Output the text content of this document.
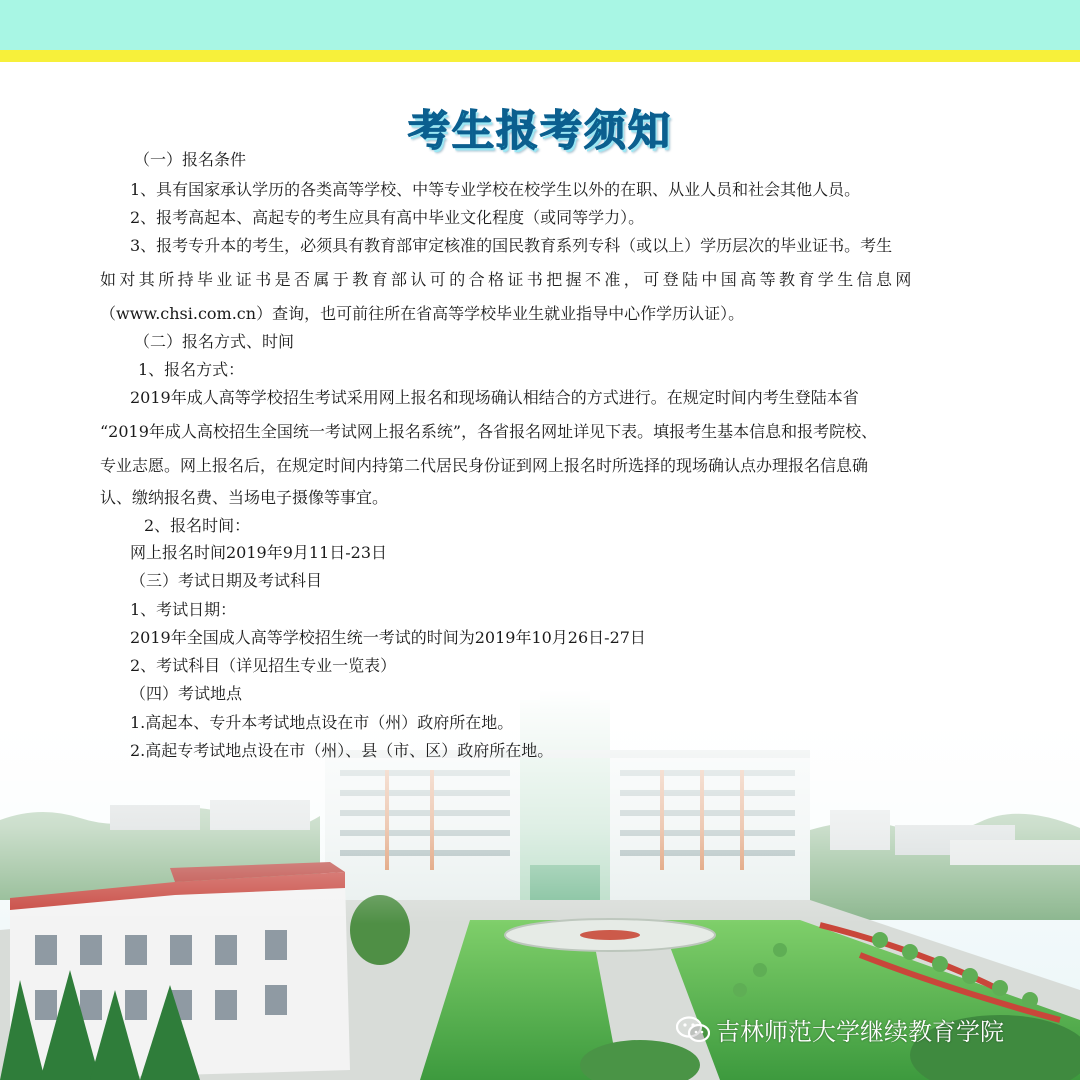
考生报考须知
（一）报名条件
1、具有国家承认学历的各类高等学校、中等专业学校在校学生以外的在职、从业人员和社会其他人员。
2、报考高起本、高起专的考生应具有高中毕业文化程度（或同等学力）。
3、报考专升本的考生，必须具有教育部审定核准的国民教育系列专科（或以上）学历层次的毕业证书。考生
如对其所持毕业证书是否属于教育部认可的合格证书把握不准，可登陆中国高等教育学生信息网
（www.chsi.com.cn）查询，也可前往所在省高等学校毕业生就业指导中心作学历认证）。
（二）报名方式、时间
1、报名方式：
2019年成人高等学校招生考试采用网上报名和现场确认相结合的方式进行。在规定时间内考生登陆本省
“2019年成人高校招生全国统一考试网上报名系统”，各省报名网址详见下表。填报考生基本信息和报考院校、
专业志愿。网上报名后，在规定时间内持第二代居民身份证到网上报名时所选择的现场确认点办理报名信息确
认、缴纳报名费、当场电子摄像等事宜。
2、报名时间：
网上报名时间2019年9月11日-23日
（三）考试日期及考试科目
1、考试日期：
2019年全国成人高等学校招生统一考试的时间为2019年10月26日-27日
2、考试科目（详见招生专业一览表）
（四）考试地点
1.高起本、专升本考试地点设在市（州）政府所在地。
2.高起专考试地点设在市（州）、县（市、区）政府所在地。
吉林师范大学继续教育学院
